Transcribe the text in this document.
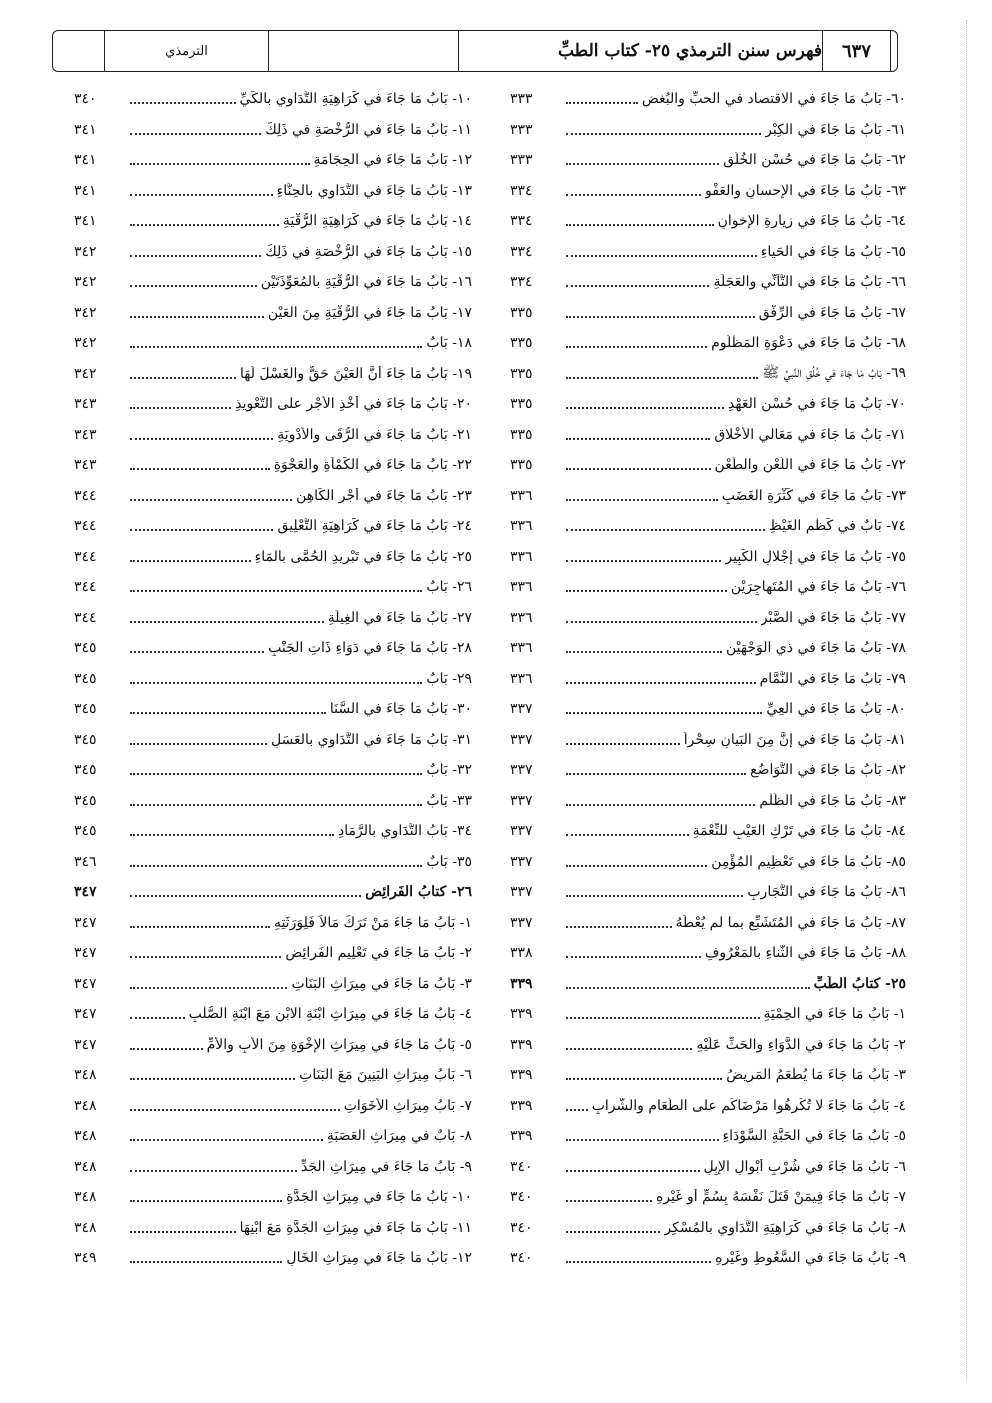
الترمذي	فهرس سنن الترمذي ٢٥- كتاب الطبِّ	٦٣٧
٣٣٣	٦٠- بَابُ مَا جَاءَ في الاقتصاد في الحبِّ والبُغض
٣٣٣	٦١- بَابُ مَا جَاءَ في الكِبْر
٣٣٣	٦٢- بَابُ مَا جَاءَ في حُسْنِ الخُلُق
٣٣٤	٦٣- بَابُ مَا جَاءَ في الإحسانِ والعَفْوِ
٣٣٤	٦٤- بَابُ مَا جَاءَ في زِيارةِ الإخوانِ
٣٣٤	٦٥- بَابُ مَا جَاءَ في الحَياءِ
٣٣٤	٦٦- بَابُ مَا جَاءَ في التَّأنِّي والعَجَلَةِ
٣٣٥	٦٧- بَابُ مَا جَاءَ في الرِّفْقِ
٣٣٥	٦٨- بَابُ مَا جَاءَ في دَعْوَةِ المَظْلُومِ
٣٣٥	٦٩- بَابُ مَا جَاءَ في خُلُقِ النَّبيِّ ﷺ
٣٣٥	٧٠- بَابُ مَا جَاءَ في حُسْنِ العَهْدِ
٣٣٥	٧١- بَابُ مَا جَاءَ في مَعَالي الأخْلاقِ
٣٣٥	٧٢- بَابُ مَا جَاءَ في اللَّعْنِ والطَّعْنِ
٣٣٦	٧٣- بَابُ مَا جَاءَ في كَثْرَةِ الغَضَبِ
٣٣٦	٧٤- بَابٌ في كَظْمِ الغَيْظِ
٣٣٦	٧٥- بَابُ مَا جَاءَ في إجْلالِ الكَبِيرِ
٣٣٦	٧٦- بَابُ مَا جَاءَ في المُتَهاجِرَيْنِ
٣٣٦	٧٧- بَابُ مَا جَاءَ في الصَّبْرِ
٣٣٦	٧٨- بَابُ مَا جَاءَ في ذي الوَجْهَيْنِ
٣٣٦	٧٩- بَابُ مَا جَاءَ في النَّمَّامِ
٣٣٧	٨٠- بَابُ مَا جَاءَ في العِيِّ
٣٣٧	٨١- بَابُ مَا جَاءَ في إنَّ مِنَ البَيانِ سِحْراً
٣٣٧	٨٢- بَابُ مَا جَاءَ في التَّوَاضُعِ
٣٣٧	٨٣- بَابُ مَا جَاءَ في الظُّلْمِ
٣٣٧	٨٤- بَابُ مَا جَاءَ في تَرْكِ العَيْبِ للنِّعْمَةِ
٣٣٧	٨٥- بَابُ مَا جَاءَ في تَعْظِيمِ المُؤْمِنِ
٣٣٧	٨٦- بَابُ مَا جَاءَ في التَّجَارِبِ
٣٣٧	٨٧- بَابُ مَا جَاءَ في المُتَشَبِّعِ بما لم يُعْطَهُ
٣٣٨	٨٨- بَابُ مَا جَاءَ في الثَّناءِ بالمَعْرُوفِ
٣٣٩	٢٥- كتابُ الطِّبِّ
٣٣٩	١- بَابُ مَا جَاءَ في الحِمْيَةِ
٣٣٩	٢- بَابُ مَا جَاءَ في الدَّوَاءِ والحَثِّ عَلَيْهِ
٣٣٩	٣- بَابُ مَا جَاءَ مَا يُطْعَمُ المَرِيضُ
٣٣٩	٤- بَابُ مَا جَاءَ لا تُكْرِهُوا مَرْضَاكُم على الطَّعَامِ والشَّرابِ
٣٣٩	٥- بَابُ مَا جَاءَ في الحَبَّةِ السَّوْدَاءِ
٣٤٠	٦- بَابُ مَا جَاءَ في شُرْبِ أبْوالِ الإبِلِ
٣٤٠	٧- بَابُ مَا جَاءَ فِيمَنْ قَتَلَ نَفْسَهُ بِسُمٍّ أو غَيْرِهِ
٣٤٠	٨- بَابُ مَا جَاءَ في كَرَاهِيَةِ التَّدَاوِي بالمُسْكِرِ
٣٤٠	٩- بَابُ مَا جَاءَ في السَّعُوطِ وغَيْرِهِ
٣٤٠	١٠- بَابُ مَا جَاءَ في كَرَاهِيَةِ التَّدَاوِي بالكَيِّ
٣٤١	١١- بَابُ مَا جَاءَ في الرُّخْصَةِ في ذَلِكَ
٣٤١	١٢- بَابُ مَا جَاءَ في الحِجَامَةِ
٣٤١	١٣- بَابُ مَا جَاءَ في التَّدَاوِي بالحِنَّاءِ
٣٤١	١٤- بَابُ مَا جَاءَ في كَرَاهِيَةِ الرُّقْيَةِ
٣٤٢	١٥- بَابُ مَا جَاءَ في الرُّخْصَةِ في ذَلِكَ
٣٤٢	١٦- بَابُ مَا جَاءَ في الرُّقْيَةِ بالمُعَوِّذَتَيْنِ
٣٤٢	١٧- بَابُ مَا جَاءَ في الرُّقْيَةِ مِنَ العَيْنِ
٣٤٢	١٨- بَابٌ
٣٤٢	١٩- بَابُ مَا جَاءَ أنَّ العَيْنَ حَقٌّ والغَسْلَ لَهَا
٣٤٣	٢٠- بَابُ مَا جَاءَ في أخْذِ الأجْرِ على التَّعْوِيذِ
٣٤٣	٢١- بَابُ مَا جَاءَ في الرُّقَى والأدْوِيَةِ
٣٤٣	٢٢- بَابُ مَا جَاءَ في الكَمْأةِ والعَجْوَةِ
٣٤٤	٢٣- بَابُ مَا جَاءَ في أجْرِ الكَاهِنِ
٣٤٤	٢٤- بَابُ مَا جَاءَ في كَرَاهِيَةِ التَّعْلِيقِ
٣٤٤	٢٥- بَابُ مَا جَاءَ في تَبْرِيدِ الحُمَّى بالمَاءِ
٣٤٤	٢٦- بَابٌ
٣٤٤	٢٧- بَابُ مَا جَاءَ في الغِيلَةِ
٣٤٥	٢٨- بَابُ مَا جَاءَ في دَوَاءِ ذَاتِ الجَنْبِ
٣٤٥	٢٩- بَابٌ
٣٤٥	٣٠- بَابُ مَا جَاءَ في السَّنَا
٣٤٥	٣١- بَابُ مَا جَاءَ في التَّدَاوِي بالعَسَلِ
٣٤٥	٣٢- بَابٌ
٣٤٥	٣٣- بَابٌ
٣٤٥	٣٤- بَابُ التَّدَاوِي بالرَّمَادِ
٣٤٦	٣٥- بَابٌ
٣٤٧	٢٦- كتابُ الفَرائِضِ
٣٤٧	١- بَابُ مَا جَاءَ مَنْ تَرَكَ مَالاً فَلِوَرَثَتِهِ
٣٤٧	٢- بَابُ مَا جَاءَ في تَعْلِيمِ الفَرائِضِ
٣٤٧	٣- بَابُ مَا جَاءَ في مِيرَاثِ البَنَاتِ
٣٤٧	٤- بَابُ مَا جَاءَ في مِيرَاثِ ابْنَةِ الابْنِ مَعَ ابْنَةِ الصُّلْبِ
٣٤٧	٥- بَابُ مَا جَاءَ في مِيرَاثِ الإخْوَةِ مِنَ الأبِ والأُمِّ
٣٤٨	٦- بَابُ مِيرَاثِ البَنِينَ مَعَ البَنَاتِ
٣٤٨	٧- بَابُ مِيرَاثِ الأخَوَاتِ
٣٤٨	٨- بَابٌ في مِيرَاثِ العَصَبَةِ
٣٤٨	٩- بَابُ مَا جَاءَ في مِيرَاثِ الجَدِّ
٣٤٨	١٠- بَابُ مَا جَاءَ في مِيرَاثِ الجَدَّةِ
٣٤٨	١١- بَابُ مَا جَاءَ في مِيرَاثِ الجَدَّةِ مَعَ ابْنِهَا
٣٤٩	١٢- بَابُ مَا جَاءَ في مِيرَاثِ الخَالِ
